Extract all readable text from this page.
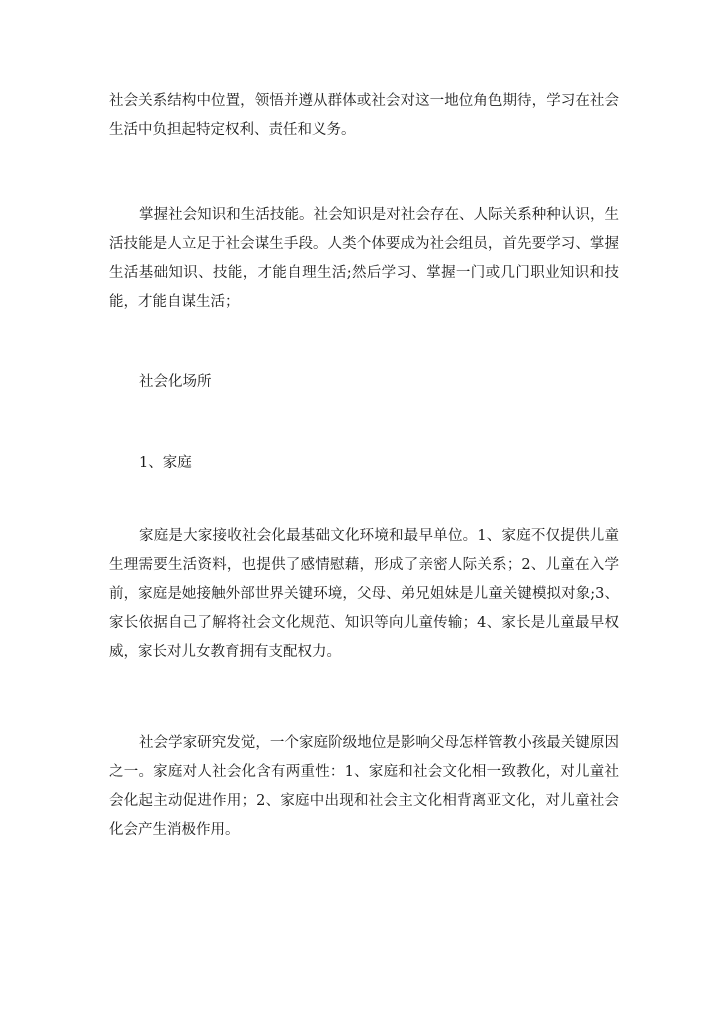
社会关系结构中位置，领悟并遵从群体或社会对这一地位角色期待，学习在社会生活中负担起特定权利、责任和义务。

掌握社会知识和生活技能。社会知识是对社会存在、人际关系种种认识，生活技能是人立足于社会谋生手段。人类个体要成为社会组员，首先要学习、掌握生活基础知识、技能，才能自理生活;然后学习、掌握一门或几门职业知识和技能，才能自谋生活；

社会化场所

1、家庭

家庭是大家接收社会化最基础文化环境和最早单位。1、家庭不仅提供儿童生理需要生活资料，也提供了感情慰藉，形成了亲密人际关系；2、儿童在入学前，家庭是她接触外部世界关键环境，父母、弟兄姐妹是儿童关键模拟对象;3、家长依据自己了解将社会文化规范、知识等向儿童传输；4、家长是儿童最早权威，家长对儿女教育拥有支配权力。

社会学家研究发觉，一个家庭阶级地位是影响父母怎样管教小孩最关键原因之一。家庭对人社会化含有两重性：1、家庭和社会文化相一致教化，对儿童社会化起主动促进作用；2、家庭中出现和社会主文化相背离亚文化，对儿童社会化会产生消极作用。
